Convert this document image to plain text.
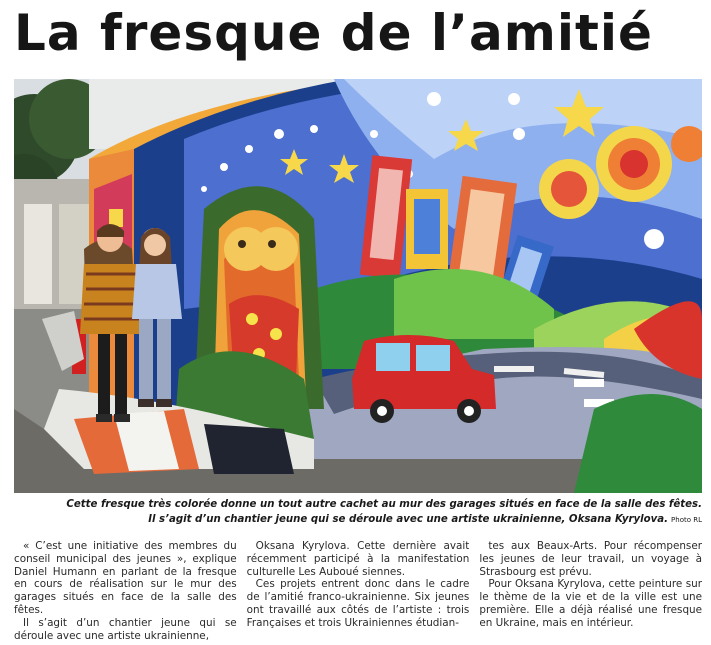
La fresque de l’amitié
Cette fresque très colorée donne un tout autre cachet au mur des garages situés en face de la salle des fêtes.
Il s’agit d’un chantier jeune qui se déroule avec une artiste ukrainienne, Oksana Kyrylova. Photo RL

« C’est une initiative des membres du conseil municipal des jeunes », explique Daniel Humann en parlant de la fresque en cours de réalisation sur le mur des garages situés en face de la salle des fêtes.

Il s’agit d’un chantier jeune qui se déroule avec une artiste ukrainienne,

Oksana Kyrylova. Cette dernière avait récemment participé à la manifestation culturelle Les Auboué siennes.

Ces projets entrent donc dans le cadre de l’amitié franco-ukrainienne. Six jeunes ont travaillé aux côtés de l’artiste : trois Françaises et trois Ukrainiennes étudian-

tes aux Beaux-Arts. Pour récompenser les jeunes de leur travail, un voyage à Strasbourg est prévu.

Pour Oksana Kyrylova, cette peinture sur le thème de la vie et de la ville est une première. Elle a déjà réalisé une fresque en Ukraine, mais en intérieur.
